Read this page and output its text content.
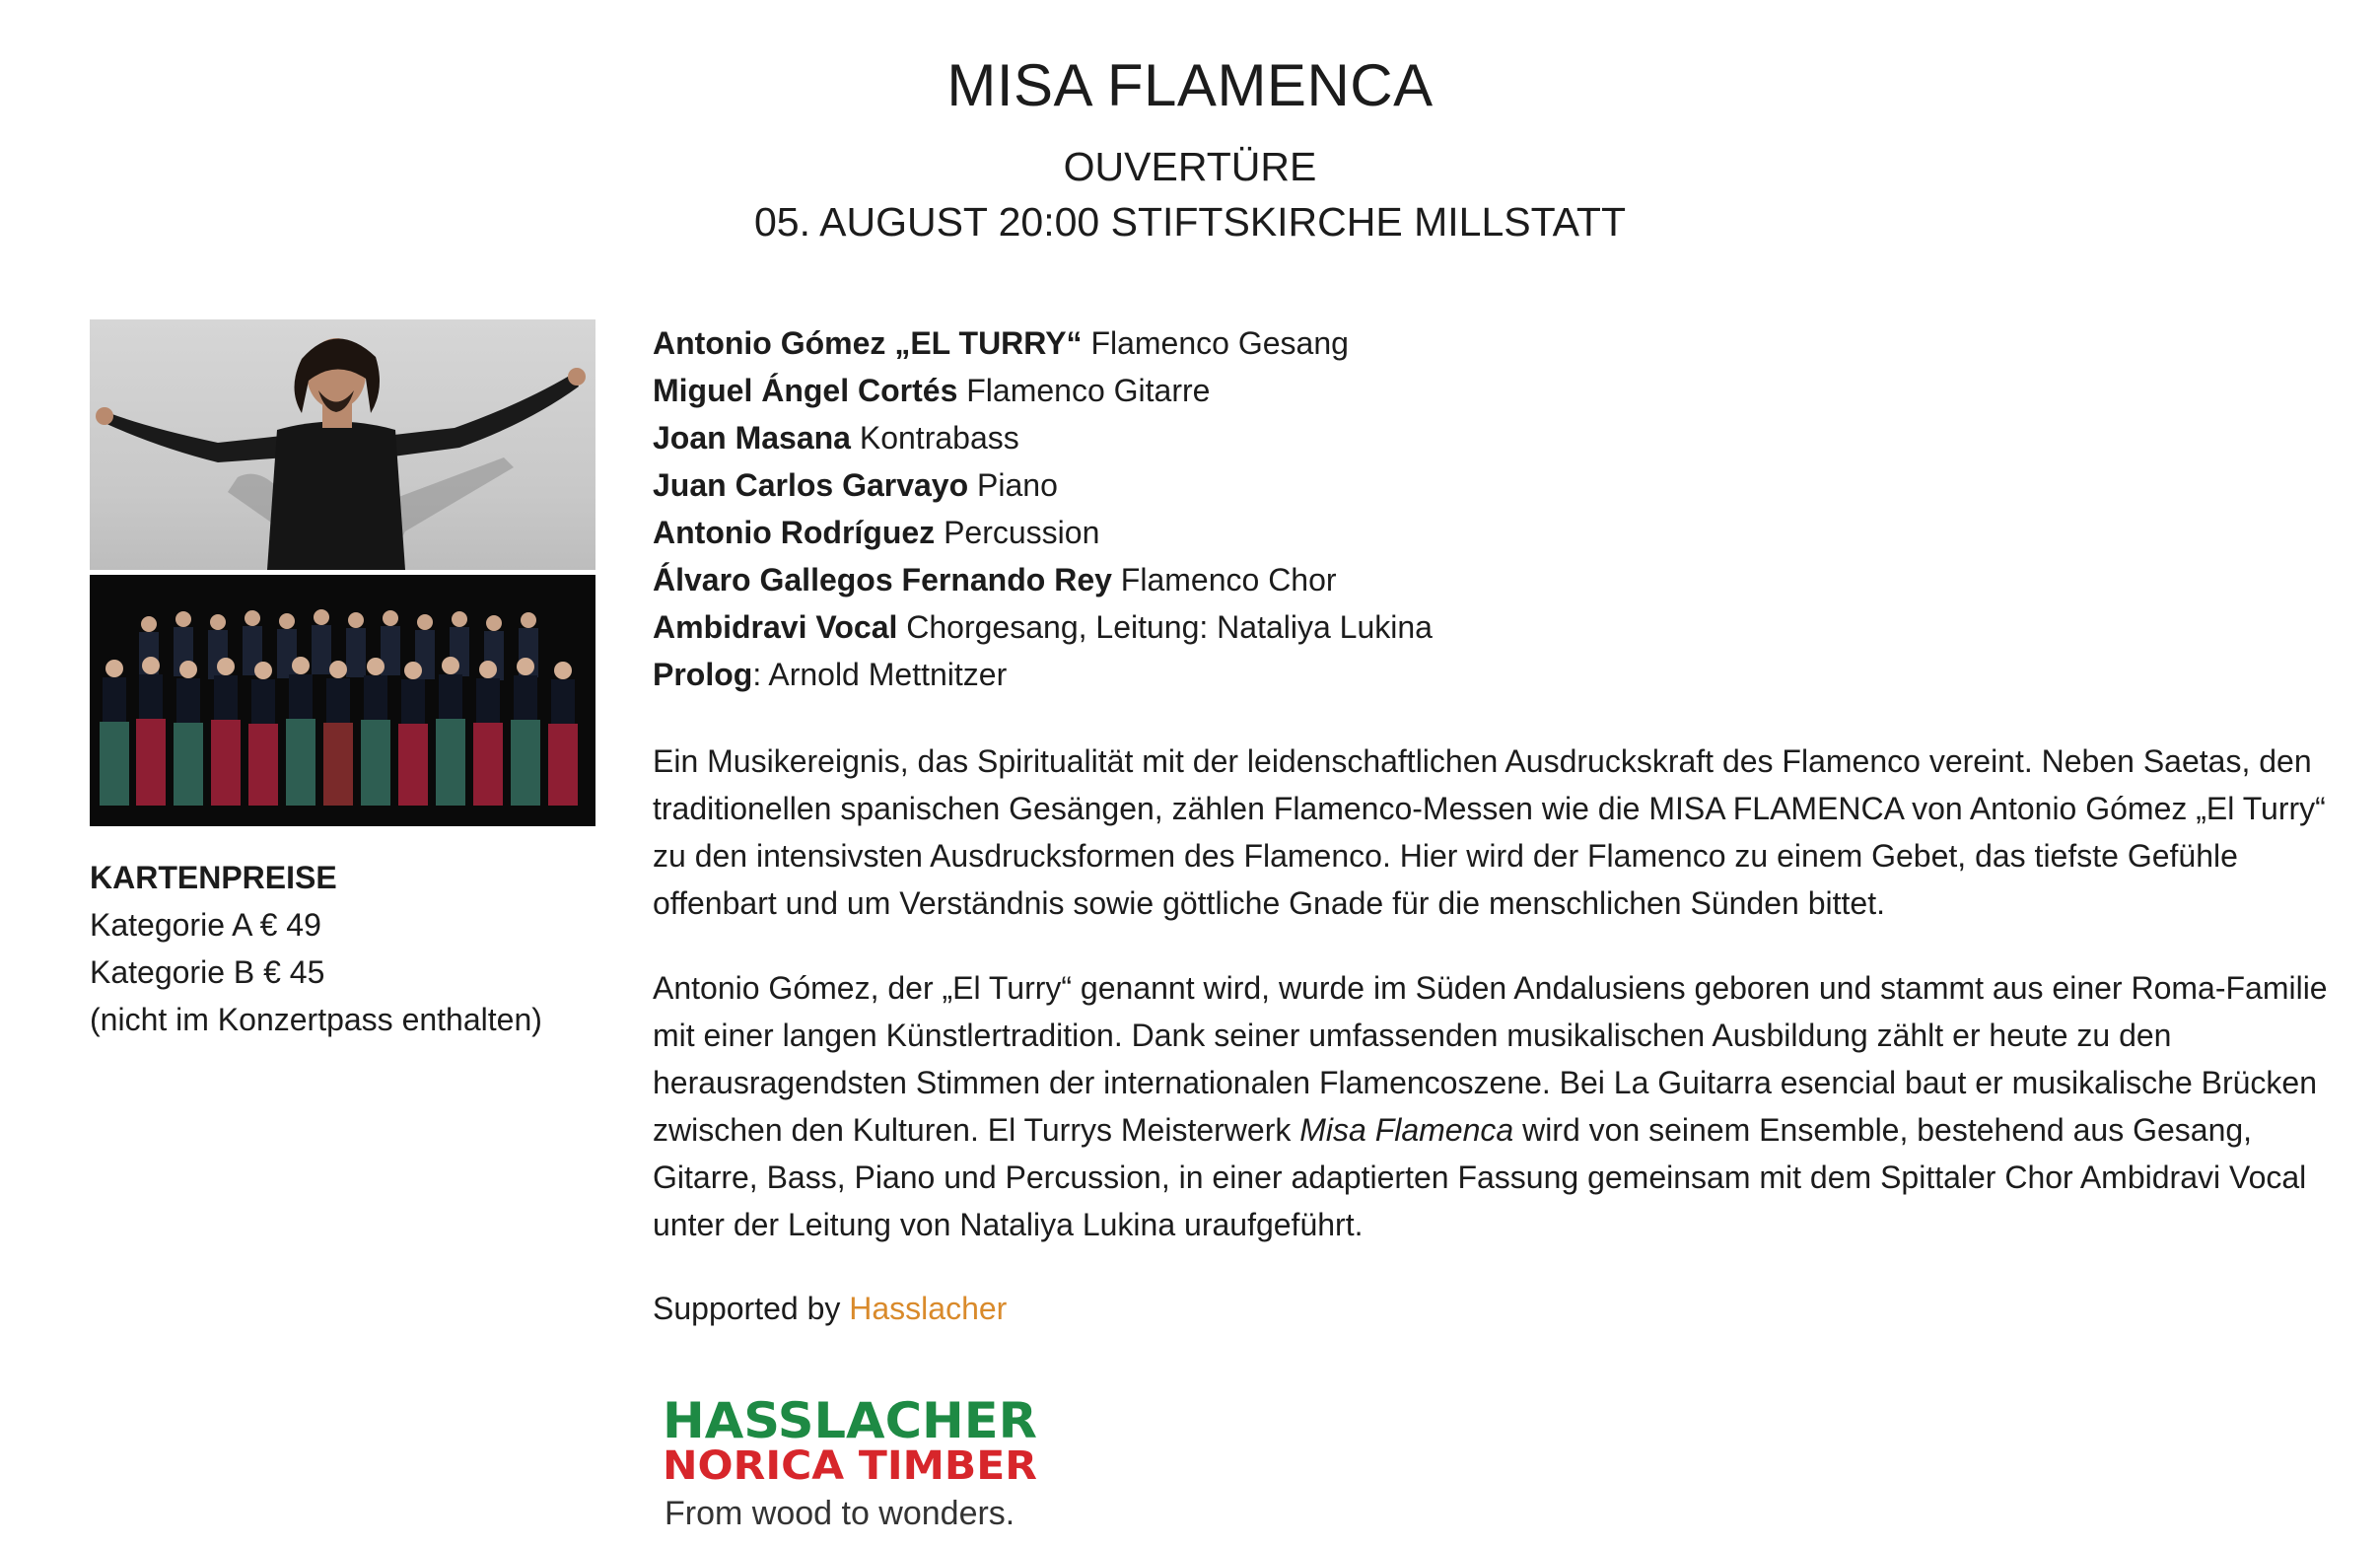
MISA FLAMENCA
OUVERTÜRE
05. AUGUST 20:00 STIFTSKIRCHE MILLSTATT
KARTENPREISE
Kategorie A € 49
Kategorie B € 45
(nicht im Konzertpass enthalten)
Antonio Gómez „EL TURRY“ Flamenco Gesang
Miguel Ángel Cortés Flamenco Gitarre
Joan Masana Kontrabass
Juan Carlos Garvayo Piano
Antonio Rodríguez Percussion
Álvaro Gallegos Fernando Rey Flamenco Chor
Ambidravi Vocal Chorgesang, Leitung: Nataliya Lukina
Prolog: Arnold Mettnitzer

Ein Musikereignis, das Spiritualität mit der leidenschaftlichen Ausdruckskraft des Flamenco vereint. Neben Saetas, den traditionellen spanischen Gesängen, zählen Flamenco-Messen wie die MISA FLAMENCA von Antonio Gómez „El Turry“ zu den intensivsten Ausdrucksformen des Flamenco. Hier wird der Flamenco zu einem Gebet, das tiefste Gefühle offenbart und um Verständnis sowie göttliche Gnade für die menschlichen Sünden bittet.

Antonio Gómez, der „El Turry“ genannt wird, wurde im Süden Andalusiens geboren und stammt aus einer Roma-Familie mit einer langen Künstlertradition. Dank seiner umfassenden musikalischen Ausbildung zählt er heute zu den herausragendsten Stimmen der internationalen Flamencoszene. Bei La Guitarra esencial baut er musikalische Brücken zwischen den Kulturen. El Turrys Meisterwerk Misa Flamenca wird von seinem Ensemble, bestehend aus Gesang, Gitarre, Bass, Piano und Percussion, in einer adaptierten Fassung gemeinsam mit dem Spittaler Chor Ambidravi Vocal unter der Leitung von Nataliya Lukina uraufgeführt.

Supported by Hasslacher
HASSLACHER
NORICA TIMBER
From wood to wonders.
